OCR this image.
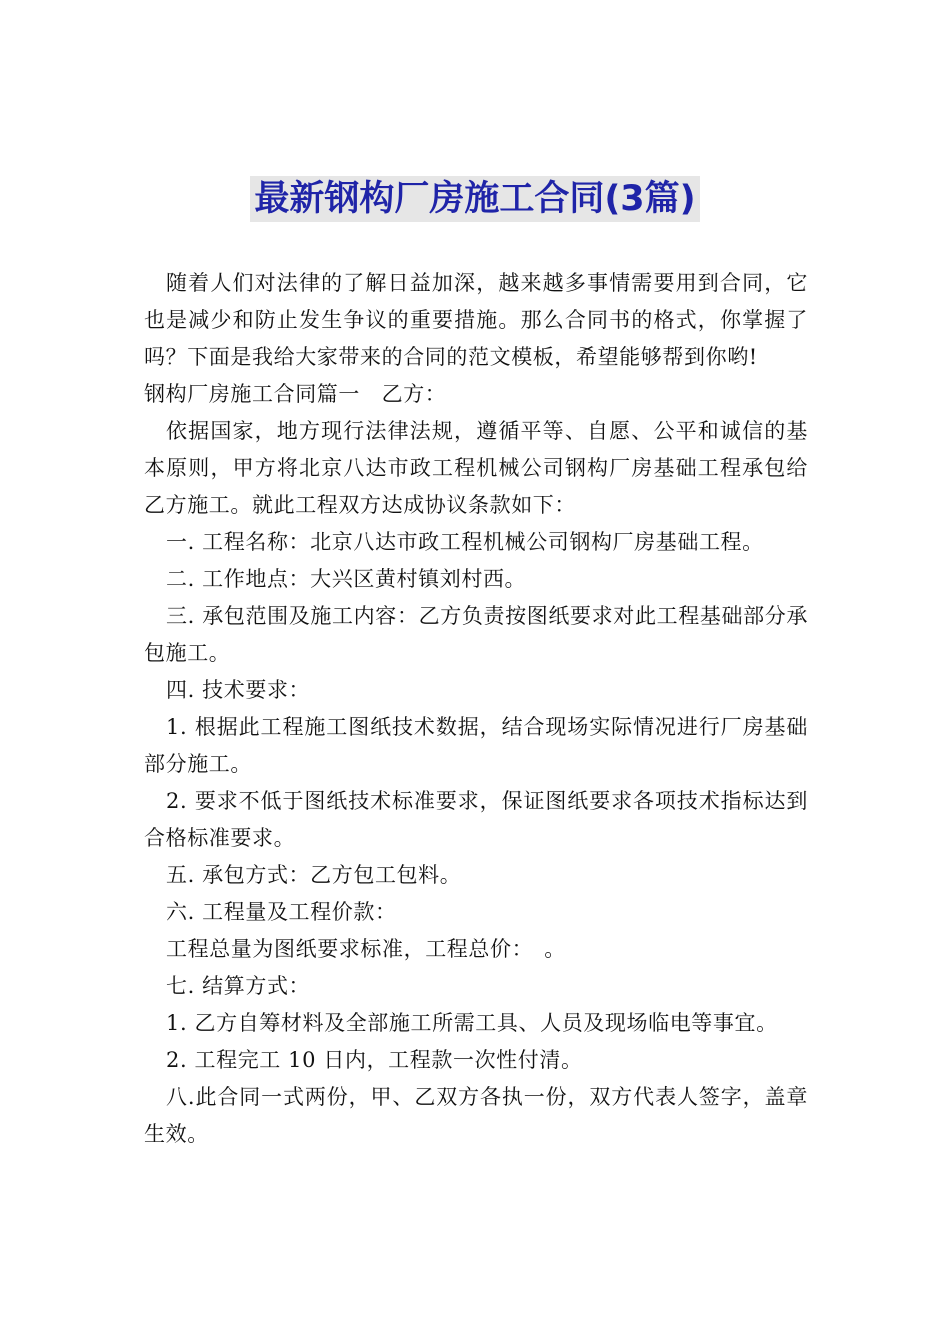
最新钢构厂房施工合同(3篇)

随着人们对法律的了解日益加深，越来越多事情需要用到合同，它也是减少和防止发生争议的重要措施。那么合同书的格式，你掌握了吗？下面是我给大家带来的合同的范文模板，希望能够帮到你哟!

钢构厂房施工合同篇一　乙方：

依据国家，地方现行法律法规，遵循平等、自愿、公平和诚信的基本原则，甲方将北京八达市政工程机械公司钢构厂房基础工程承包给乙方施工。就此工程双方达成协议条款如下：

一. 工程名称：北京八达市政工程机械公司钢构厂房基础工程。

二. 工作地点：大兴区黄村镇刘村西。

三. 承包范围及施工内容：乙方负责按图纸要求对此工程基础部分承包施工。

四. 技术要求：

1. 根据此工程施工图纸技术数据，结合现场实际情况进行厂房基础部分施工。

2. 要求不低于图纸技术标准要求，保证图纸要求各项技术指标达到合格标准要求。

五. 承包方式：乙方包工包料。

六. 工程量及工程价款：

工程总量为图纸要求标准，工程总价：　。

七. 结算方式：

1. 乙方自筹材料及全部施工所需工具、人员及现场临电等事宜。

2. 工程完工 10 日内，工程款一次性付清。

八.此合同一式两份，甲、乙双方各执一份，双方代表人签字，盖章生效。
